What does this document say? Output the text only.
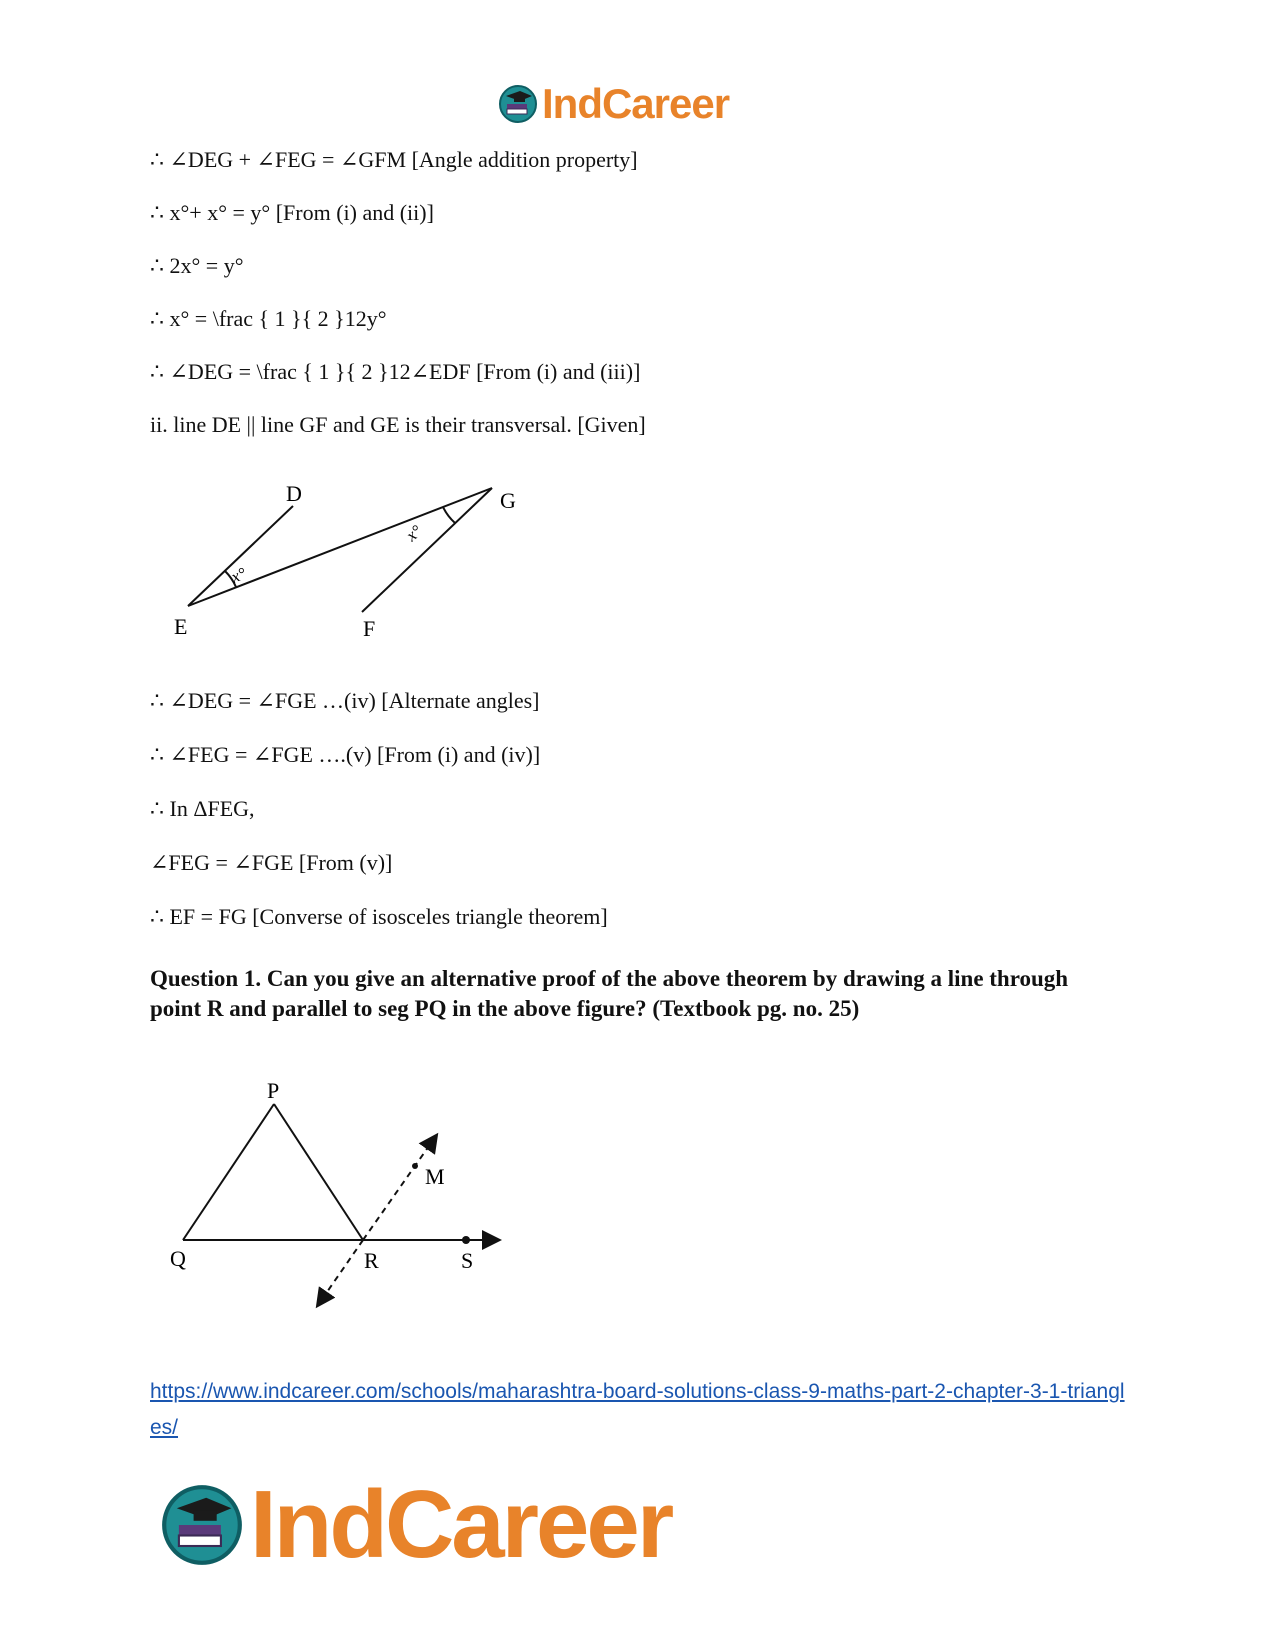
IndCareer
∴ ∠DEG + ∠FEG = ∠GFM [Angle addition property]
∴ x°+ x° = y° [From (i) and (ii)]
∴ 2x° = y°
∴ x° = \frac { 1 }{ 2 }12y°
∴ ∠DEG = \frac { 1 }{ 2 }12∠EDF [From (i) and (iii)]
ii. line DE || line GF and GE is their transversal. [Given]
D
E	F
G
x°
x°
∴ ∠DEG = ∠FGE …(iv) [Alternate angles]
∴ ∠FEG = ∠FGE ….(v) [From (i) and (iv)]
∴ In ΔFEG,
∠FEG = ∠FGE [From (v)]
∴ EF = FG [Converse of isosceles triangle theorem]
Question 1. Can you give an alternative proof of the above theorem by drawing a line through point R and parallel to seg PQ in the above figure? (Textbook pg. no. 25)
P
Q	R	S
M
https://www.indcareer.com/schools/maharashtra-board-solutions-class-9-maths-part-2-chapter-3-1-triangles/
IndCareer
